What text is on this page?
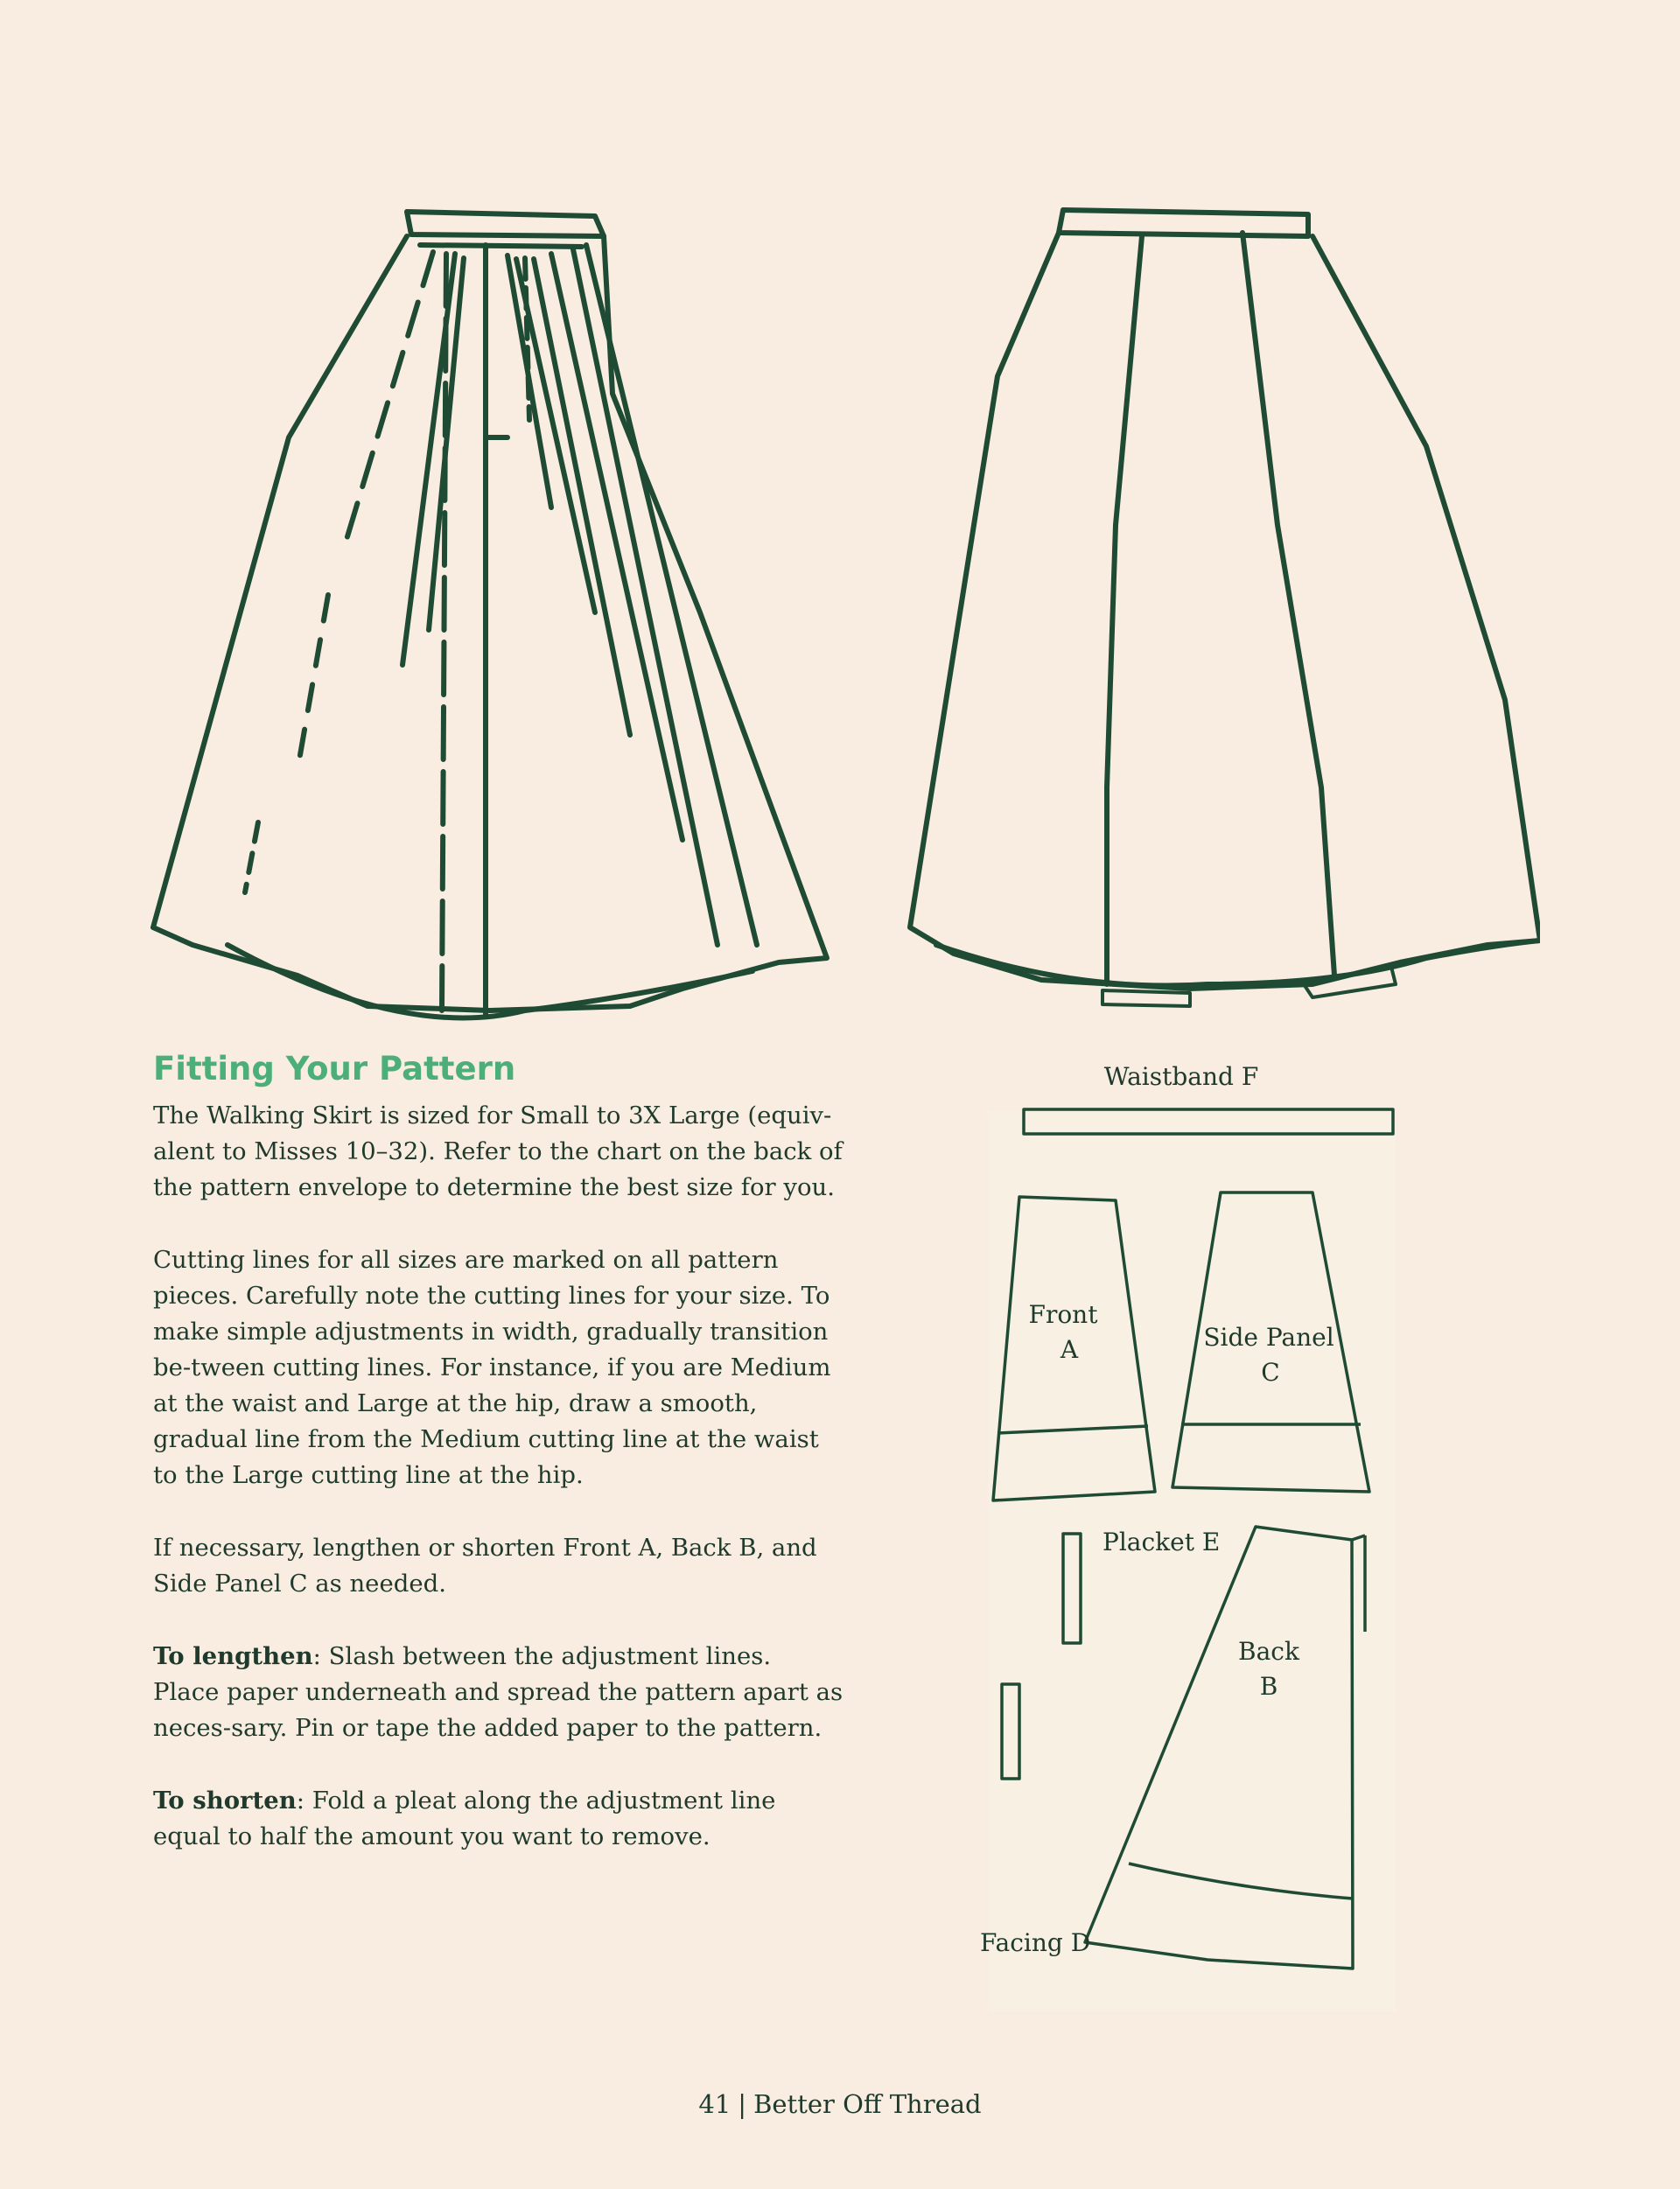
Fitting Your Pattern

The Walking Skirt is sized for Small to 3X Large (equiv-alent to Misses 10–32). Refer to the chart on the back of the pattern envelope to determine the best size for you.

Cutting lines for all sizes are marked on all pattern pieces. Carefully note the cutting lines for your size. To make simple adjustments in width, gradually transition be-tween cutting lines. For instance, if you are Medium at the waist and Large at the hip, draw a smooth, gradual line from the Medium cutting line at the waist to the Large cutting line at the hip.

If necessary, lengthen or shorten Front A, Back B, and Side Panel C as needed.

To lengthen: Slash between the adjustment lines. Place paper underneath and spread the pattern apart as neces-sary. Pin or tape the added paper to the pattern.

To shorten: Fold a pleat along the adjustment line equal to half the amount you want to remove.

Waistband F
Front
A	Side Panel
C
Placket E
Back
B
Facing D
41 | Better Off Thread
